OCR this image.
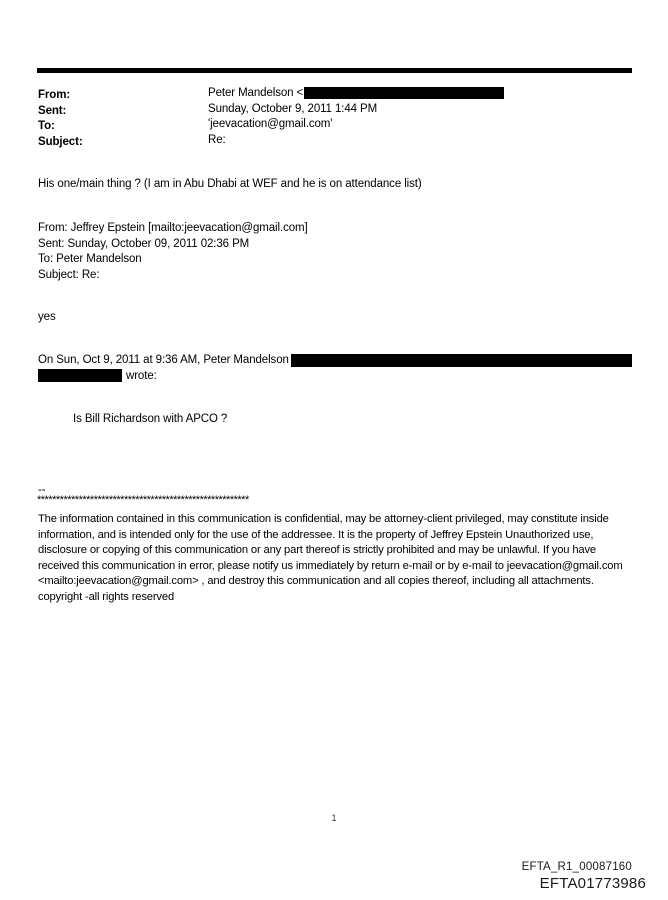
From:	Peter Mandelson <
Sent:	Sunday, October 9, 2011 1:44 PM
To:	'jeevacation@gmail.com'
Subject:	Re:
His one/main thing ? (I am in Abu Dhabi at WEF and he is on attendance list)
From: Jeffrey Epstein [mailto:jeevacation@gmail.com]
Sent: Sunday, October 09, 2011 02:36 PM
To: Peter Mandelson
Subject: Re:
yes
On Sun, Oct 9, 2011 at 9:36 AM, Peter Mandelson
wrote:
Is Bill Richardson with APCO ?
--
********************************************************
The information contained in this communication is confidential, may be attorney-client privileged, may constitute inside information, and is intended only for the use of the addressee. It is the property of Jeffrey Epstein Unauthorized use, disclosure or copying of this communication or any part thereof is strictly prohibited and may be unlawful. If you have received this communication in error, please notify us immediately by return e-mail or by e-mail to jeevacation@gmail.com <mailto:jeevacation@gmail.com> , and destroy this communication and all copies thereof, including all attachments. copyright -all rights reserved
1
EFTA_R1_00087160
EFTA01773986
